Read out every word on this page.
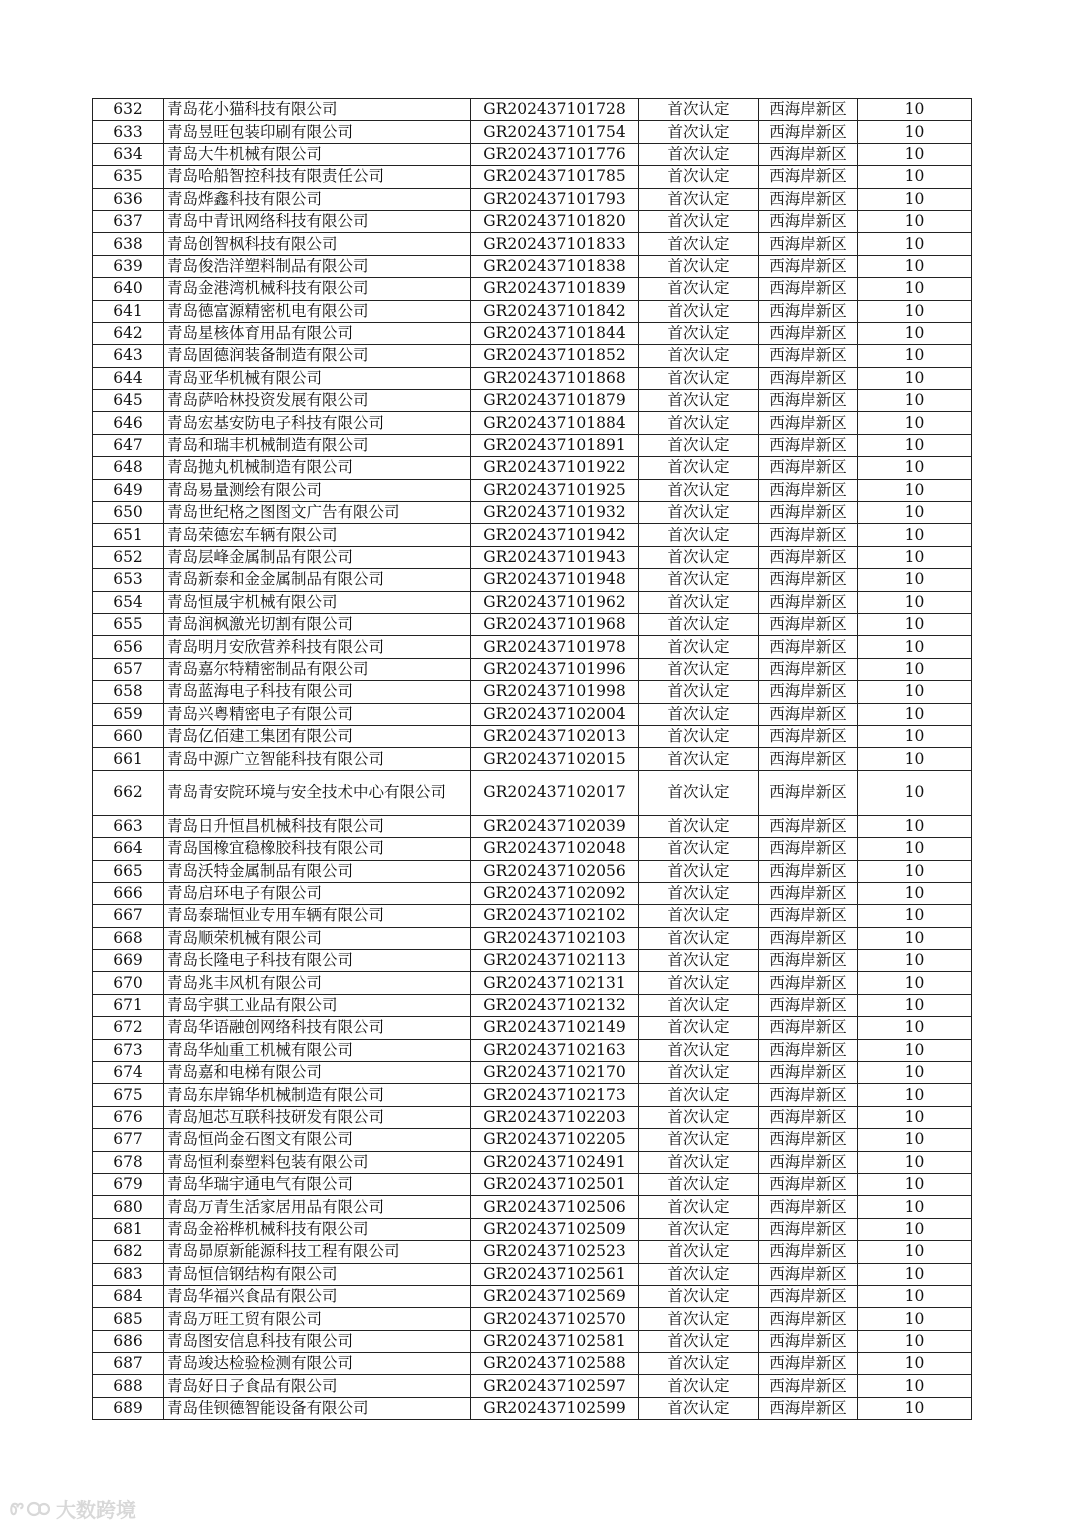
632	青岛花小猫科技有限公司	GR202437101728	首次认定	西海岸新区	10
633	青岛昱旺包装印刷有限公司	GR202437101754	首次认定	西海岸新区	10
634	青岛大牛机械有限公司	GR202437101776	首次认定	西海岸新区	10
635	青岛哈船智控科技有限责任公司	GR202437101785	首次认定	西海岸新区	10
636	青岛烨鑫科技有限公司	GR202437101793	首次认定	西海岸新区	10
637	青岛中青讯网络科技有限公司	GR202437101820	首次认定	西海岸新区	10
638	青岛创智枫科技有限公司	GR202437101833	首次认定	西海岸新区	10
639	青岛俊浩洋塑料制品有限公司	GR202437101838	首次认定	西海岸新区	10
640	青岛金港湾机械科技有限公司	GR202437101839	首次认定	西海岸新区	10
641	青岛德富源精密机电有限公司	GR202437101842	首次认定	西海岸新区	10
642	青岛星核体育用品有限公司	GR202437101844	首次认定	西海岸新区	10
643	青岛固德润装备制造有限公司	GR202437101852	首次认定	西海岸新区	10
644	青岛亚华机械有限公司	GR202437101868	首次认定	西海岸新区	10
645	青岛萨哈林投资发展有限公司	GR202437101879	首次认定	西海岸新区	10
646	青岛宏基安防电子科技有限公司	GR202437101884	首次认定	西海岸新区	10
647	青岛和瑞丰机械制造有限公司	GR202437101891	首次认定	西海岸新区	10
648	青岛抛丸机械制造有限公司	GR202437101922	首次认定	西海岸新区	10
649	青岛易量测绘有限公司	GR202437101925	首次认定	西海岸新区	10
650	青岛世纪格之图图文广告有限公司	GR202437101932	首次认定	西海岸新区	10
651	青岛荣德宏车辆有限公司	GR202437101942	首次认定	西海岸新区	10
652	青岛层峰金属制品有限公司	GR202437101943	首次认定	西海岸新区	10
653	青岛新泰和金金属制品有限公司	GR202437101948	首次认定	西海岸新区	10
654	青岛恒晟宇机械有限公司	GR202437101962	首次认定	西海岸新区	10
655	青岛润枫激光切割有限公司	GR202437101968	首次认定	西海岸新区	10
656	青岛明月安欣营养科技有限公司	GR202437101978	首次认定	西海岸新区	10
657	青岛嘉尔特精密制品有限公司	GR202437101996	首次认定	西海岸新区	10
658	青岛蓝海电子科技有限公司	GR202437101998	首次认定	西海岸新区	10
659	青岛兴粤精密电子有限公司	GR202437102004	首次认定	西海岸新区	10
660	青岛亿佰建工集团有限公司	GR202437102013	首次认定	西海岸新区	10
661	青岛中源广立智能科技有限公司	GR202437102015	首次认定	西海岸新区	10
662	青岛青安院环境与安全技术中心有限公司	GR202437102017	首次认定	西海岸新区	10
663	青岛日升恒昌机械科技有限公司	GR202437102039	首次认定	西海岸新区	10
664	青岛国橡宜稳橡胶科技有限公司	GR202437102048	首次认定	西海岸新区	10
665	青岛沃特金属制品有限公司	GR202437102056	首次认定	西海岸新区	10
666	青岛启环电子有限公司	GR202437102092	首次认定	西海岸新区	10
667	青岛泰瑞恒业专用车辆有限公司	GR202437102102	首次认定	西海岸新区	10
668	青岛顺荣机械有限公司	GR202437102103	首次认定	西海岸新区	10
669	青岛长隆电子科技有限公司	GR202437102113	首次认定	西海岸新区	10
670	青岛兆丰风机有限公司	GR202437102131	首次认定	西海岸新区	10
671	青岛宇骐工业品有限公司	GR202437102132	首次认定	西海岸新区	10
672	青岛华语融创网络科技有限公司	GR202437102149	首次认定	西海岸新区	10
673	青岛华灿重工机械有限公司	GR202437102163	首次认定	西海岸新区	10
674	青岛嘉和电梯有限公司	GR202437102170	首次认定	西海岸新区	10
675	青岛东岸锦华机械制造有限公司	GR202437102173	首次认定	西海岸新区	10
676	青岛旭芯互联科技研发有限公司	GR202437102203	首次认定	西海岸新区	10
677	青岛恒尚金石图文有限公司	GR202437102205	首次认定	西海岸新区	10
678	青岛恒利泰塑料包装有限公司	GR202437102491	首次认定	西海岸新区	10
679	青岛华瑞宇通电气有限公司	GR202437102501	首次认定	西海岸新区	10
680	青岛万青生活家居用品有限公司	GR202437102506	首次认定	西海岸新区	10
681	青岛金裕桦机械科技有限公司	GR202437102509	首次认定	西海岸新区	10
682	青岛昴原新能源科技工程有限公司	GR202437102523	首次认定	西海岸新区	10
683	青岛恒信钢结构有限公司	GR202437102561	首次认定	西海岸新区	10
684	青岛华福兴食品有限公司	GR202437102569	首次认定	西海岸新区	10
685	青岛万旺工贸有限公司	GR202437102570	首次认定	西海岸新区	10
686	青岛图安信息科技有限公司	GR202437102581	首次认定	西海岸新区	10
687	青岛竣达检验检测有限公司	GR202437102588	首次认定	西海岸新区	10
688	青岛好日子食品有限公司	GR202437102597	首次认定	西海岸新区	10
689	青岛佳钡德智能设备有限公司	GR202437102599	首次认定	西海岸新区	10
Ꮫ 大数跨境
